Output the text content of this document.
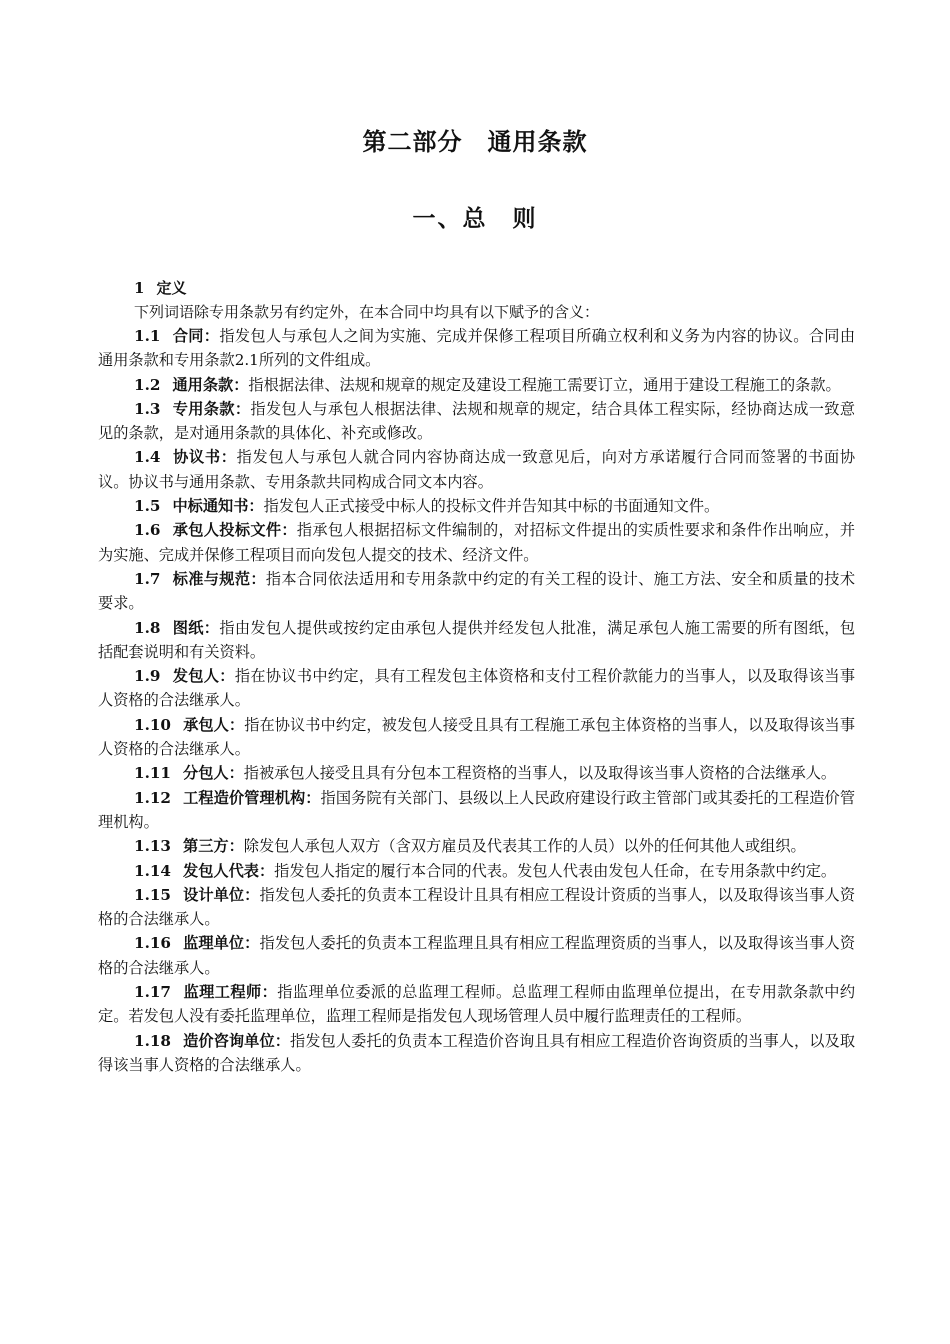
第二部分　通用条款
一、总　则
1 定义
下列词语除专用条款另有约定外，在本合同中均具有以下赋予的含义：

1.1 合同：指发包人与承包人之间为实施、完成并保修工程项目所确立权利和义务为内容的协议。合同由通用条款和专用条款2.1所列的文件组成。

1.2 通用条款：指根据法律、法规和规章的规定及建设工程施工需要订立，通用于建设工程施工的条款。

1.3 专用条款：指发包人与承包人根据法律、法规和规章的规定，结合具体工程实际，经协商达成一致意见的条款，是对通用条款的具体化、补充或修改。

1.4 协议书：指发包人与承包人就合同内容协商达成一致意见后，向对方承诺履行合同而签署的书面协议。协议书与通用条款、专用条款共同构成合同文本内容。

1.5 中标通知书：指发包人正式接受中标人的投标文件并告知其中标的书面通知文件。

1.6 承包人投标文件：指承包人根据招标文件编制的，对招标文件提出的实质性要求和条件作出响应，并为实施、完成并保修工程项目而向发包人提交的技术、经济文件。

1.7 标准与规范：指本合同依法适用和专用条款中约定的有关工程的设计、施工方法、安全和质量的技术要求。

1.8 图纸：指由发包人提供或按约定由承包人提供并经发包人批准，满足承包人施工需要的所有图纸，包括配套说明和有关资料。

1.9 发包人：指在协议书中约定，具有工程发包主体资格和支付工程价款能力的当事人，以及取得该当事人资格的合法继承人。

1.10 承包人：指在协议书中约定，被发包人接受且具有工程施工承包主体资格的当事人，以及取得该当事人资格的合法继承人。

1.11 分包人：指被承包人接受且具有分包本工程资格的当事人，以及取得该当事人资格的合法继承人。

1.12 工程造价管理机构：指国务院有关部门、县级以上人民政府建设行政主管部门或其委托的工程造价管理机构。

1.13 第三方：除发包人承包人双方（含双方雇员及代表其工作的人员）以外的任何其他人或组织。

1.14 发包人代表：指发包人指定的履行本合同的代表。发包人代表由发包人任命，在专用条款中约定。

1.15 设计单位：指发包人委托的负责本工程设计且具有相应工程设计资质的当事人，以及取得该当事人资格的合法继承人。

1.16 监理单位：指发包人委托的负责本工程监理且具有相应工程监理资质的当事人，以及取得该当事人资格的合法继承人。

1.17 监理工程师：指监理单位委派的总监理工程师。总监理工程师由监理单位提出，在专用款条款中约定。若发包人没有委托监理单位，监理工程师是指发包人现场管理人员中履行监理责任的工程师。

1.18 造价咨询单位：指发包人委托的负责本工程造价咨询且具有相应工程造价咨询资质的当事人，以及取得该当事人资格的合法继承人。
